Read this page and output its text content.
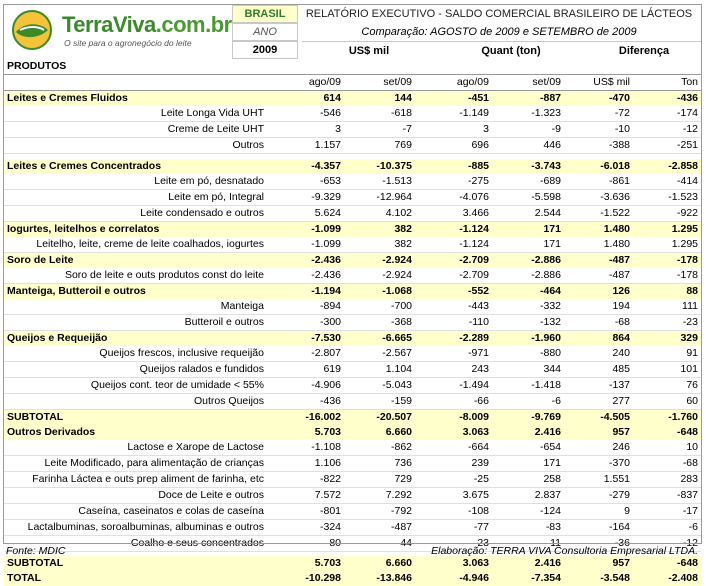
TerraViva.com.br
O site para o agronegócio do leite
BRASIL
ANO
2009
RELATÓRIO EXECUTIVO - SALDO COMERCIAL BRASILEIRO DE LÁCTEOS
Comparação: AGOSTO de 2009 e SETEMBRO de 2009
US$ mil	Quant (ton)	Diferença
PRODUTOS						
	ago/09	set/09	ago/09	set/09	US$ mil	Ton
Leites e Cremes Fluidos	614	144	-451	-887	-470	-436
Leite Longa Vida UHT	-546	-618	-1.149	-1.323	-72	-174
Creme de Leite UHT	3	-7	3	-9	-10	-12
Outros	1.157	769	696	446	-388	-251

Leites e Cremes Concentrados	-4.357	-10.375	-885	-3.743	-6.018	-2.858
Leite em pó, desnatado	-653	-1.513	-275	-689	-861	-414
Leite em pó, Integral	-9.329	-12.964	-4.076	-5.598	-3.636	-1.523
Leite condensado e outros	5.624	4.102	3.466	2.544	-1.522	-922
Iogurtes, leitelhos e correlatos	-1.099	382	-1.124	171	1.480	1.295
Leitelho, leite, creme de leite coalhados, iogurtes	-1.099	382	-1.124	171	1.480	1.295
Soro de Leite	-2.436	-2.924	-2.709	-2.886	-487	-178
Soro de leite e outs produtos const do leite	-2.436	-2.924	-2.709	-2.886	-487	-178
Manteiga, Butteroil e outros	-1.194	-1.068	-552	-464	126	88
Manteiga	-894	-700	-443	-332	194	111
Butteroil e outros	-300	-368	-110	-132	-68	-23
Queijos e Requeijão	-7.530	-6.665	-2.289	-1.960	864	329
Queijos frescos, inclusive requeijão	-2.807	-2.567	-971	-880	240	91
Queijos ralados e fundidos	619	1.104	243	344	485	101
Queijos cont. teor de umidade < 55%	-4.906	-5.043	-1.494	-1.418	-137	76
Outros Queijos	-436	-159	-66	-6	277	60
SUBTOTAL	-16.002	-20.507	-8.009	-9.769	-4.505	-1.760
Outros Derivados	5.703	6.660	3.063	2.416	957	-648
Lactose e Xarope de Lactose	-1.108	-862	-664	-654	246	10
Leite Modificado, para alimentação de crianças	1.106	736	239	171	-370	-68
Farinha Láctea e outs prep aliment de farinha, etc	-822	729	-25	258	1.551	283
Doce de Leite e outros	7.572	7.292	3.675	2.837	-279	-837
Caseína, caseinatos e colas de caseína	-801	-792	-108	-124	9	-17
Lactalbuminas, soroalbuminas, albuminas e outros	-324	-487	-77	-83	-164	-6
Coalho e seus concentrados	80	44	23	11	-36	-12

SUBTOTAL	5.703	6.660	3.063	2.416	957	-648
TOTAL	-10.298	-13.846	-4.946	-7.354	-3.548	-2.408
Fonte: MDIC	Elaboração: TERRA VIVA Consultoria Empresarial LTDA.
